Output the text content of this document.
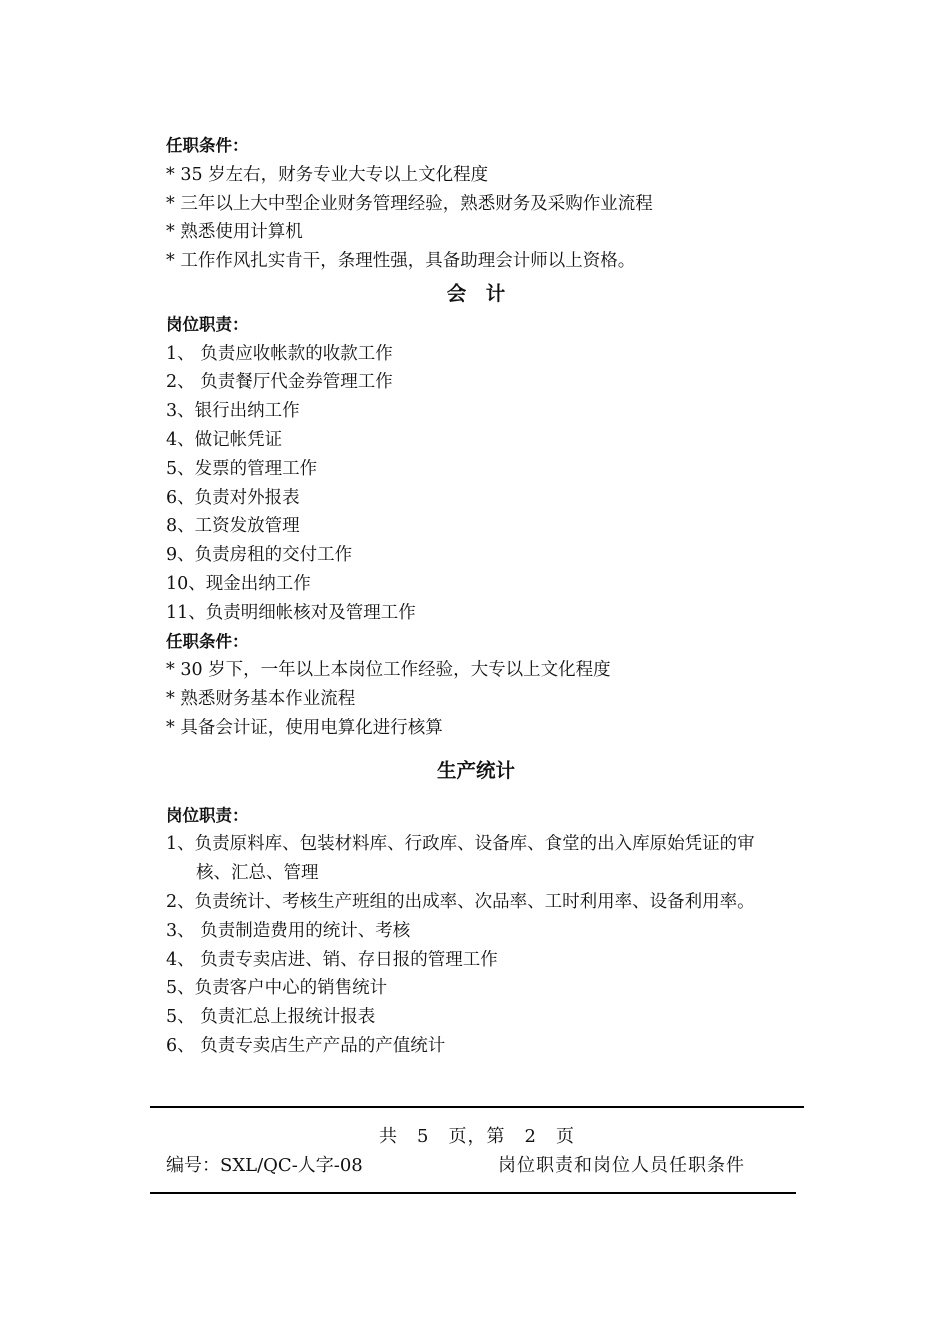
任职条件：
* 35 岁左右，财务专业大专以上文化程度
* 三年以上大中型企业财务管理经验，熟悉财务及采购作业流程
* 熟悉使用计算机
* 工作作风扎实肯干，条理性强，具备助理会计师以上资格。
会　计
岗位职责：
1、 负责应收帐款的收款工作
2、 负责餐厅代金券管理工作
3、银行出纳工作
4、做记帐凭证
5、发票的管理工作
6、负责对外报表
8、工资发放管理
9、负责房租的交付工作
10、现金出纳工作
11、负责明细帐核对及管理工作
任职条件：
* 30 岁下，一年以上本岗位工作经验，大专以上文化程度
* 熟悉财务基本作业流程
* 具备会计证，使用电算化进行核算
生产统计
岗位职责：
1、负责原料库、包装材料库、行政库、设备库、食堂的出入库原始凭证的审
核、汇总、管理
2、负责统计、考核生产班组的出成率、次品率、工时利用率、设备利用率。
3、 负责制造费用的统计、考核
4、 负责专卖店进、销、存日报的管理工作
5、负责客户中心的销售统计
5、 负责汇总上报统计报表
6、 负责专卖店生产产品的产值统计
共　5　页，第　2　页
编号：SXL/QC-人字-08	岗位职责和岗位人员任职条件
